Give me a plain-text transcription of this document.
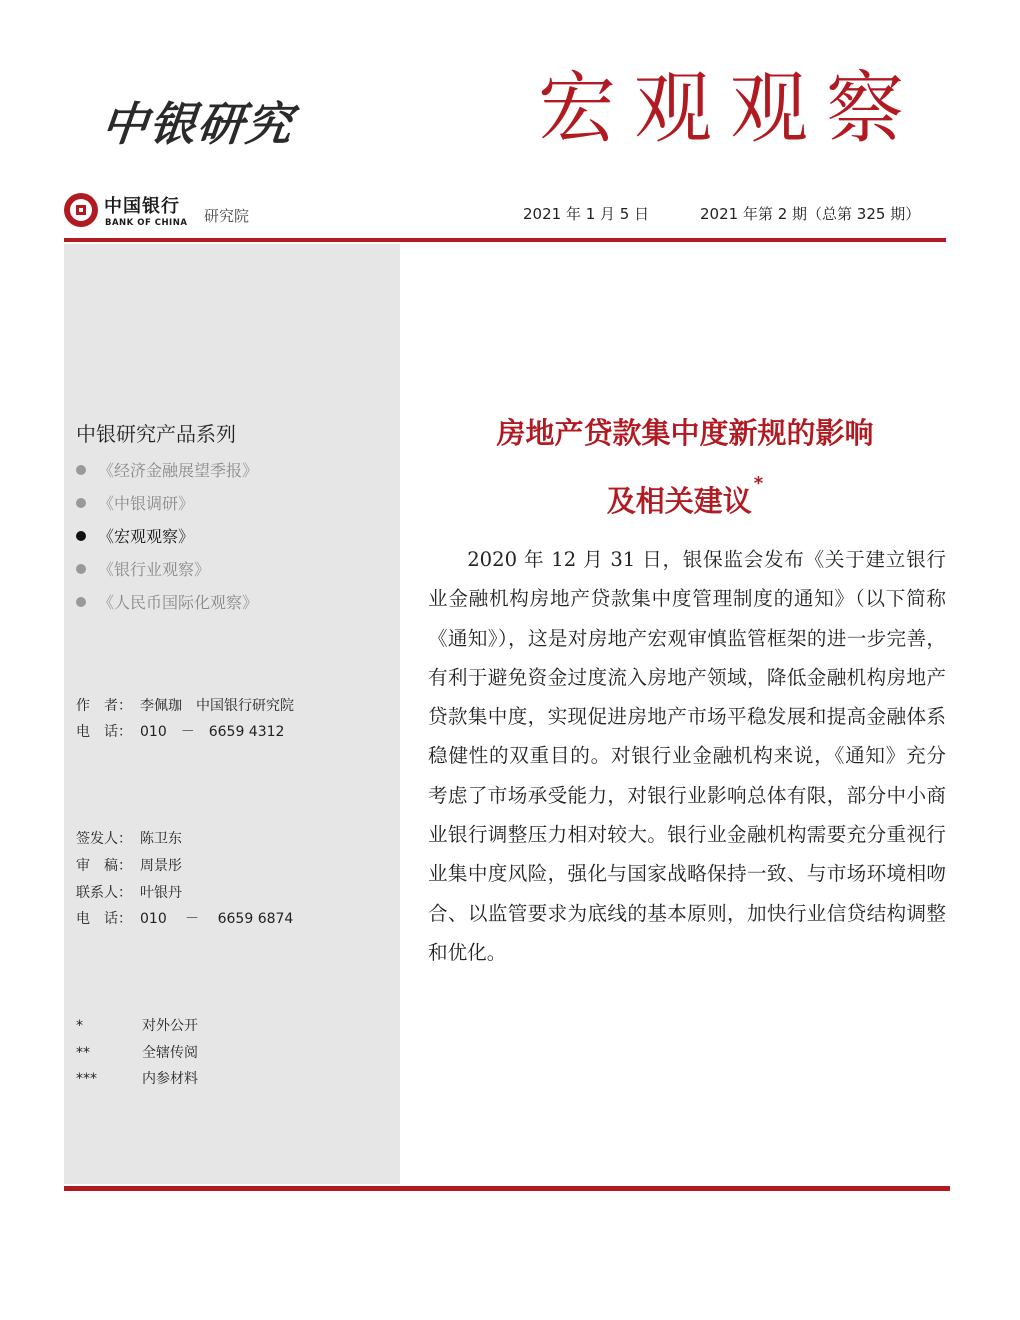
中银研究	宏观观察
中国银行
BANK OF CHINA 研究院	2021 年 1 月 5 日	2021 年第 2 期（总第 325 期）
中银研究产品系列
《经济金融展望季报》
《中银调研》
《宏观观察》
《银行业观察》
《人民币国际化观察》
作　者： 李佩珈　中国银行研究院
电　话： 010　－　6659 4312
签发人： 陈卫东
审　稿： 周景彤
联系人： 叶银丹
电　话： 010　 －　 6659 6874
*	对外公开
**	全辖传阅
***	内参材料
房地产贷款集中度新规的影响
及相关建议*
2020 年 12 月 31 日，银保监会发布《关于建立银行业金融机构房地产贷款集中度管理制度的通知》（以下简称《通知》），这是对房地产宏观审慎监管框架的进一步完善，有利于避免资金过度流入房地产领域，降低金融机构房地产贷款集中度，实现促进房地产市场平稳发展和提高金融体系稳健性的双重目的。对银行业金融机构来说，《通知》充分考虑了市场承受能力，对银行业影响总体有限，部分中小商业银行调整压力相对较大。银行业金融机构需要充分重视行业集中度风险，强化与国家战略保持一致、与市场环境相吻合、以监管要求为底线的基本原则，加快行业信贷结构调整和优化。
